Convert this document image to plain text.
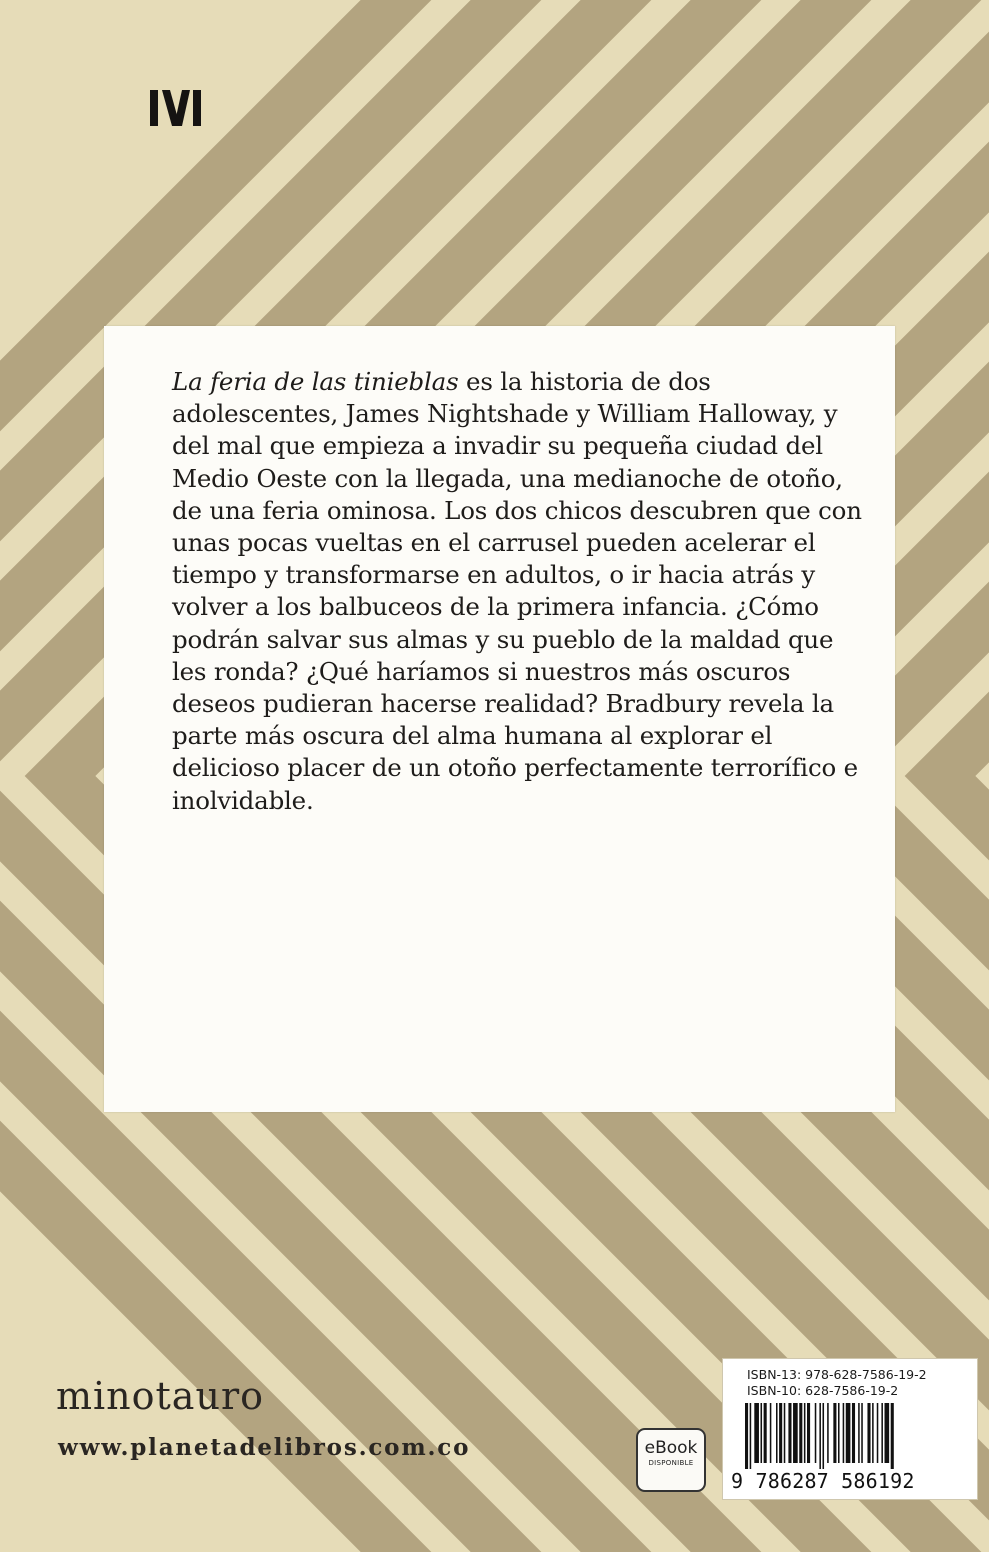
La feria de las tinieblas es la historia de dos adolescentes, James Nightshade y William Halloway, y del mal que empieza a invadir su pequeña ciudad del Medio Oeste con la llegada, una medianoche de otoño, de una feria ominosa. Los dos chicos descubren que con unas pocas vueltas en el carrusel pueden acelerar el tiempo y transformarse en adultos, o ir hacia atrás y volver a los balbuceos de la primera infancia. ¿Cómo podrán salvar sus almas y su pueblo de la maldad que les ronda? ¿Qué haríamos si nuestros más oscuros deseos pudieran hacerse realidad? Bradbury revela la parte más oscura del alma humana al explorar el delicioso placer de un otoño perfectamente terrorífico e inolvidable.

minotauro
www.planetadelibros.com.co	eBook
DISPONIBLE
ISBN-13: 978-628-7586-19-2
ISBN-10: 628-7586-19-2
9 786287 586192
